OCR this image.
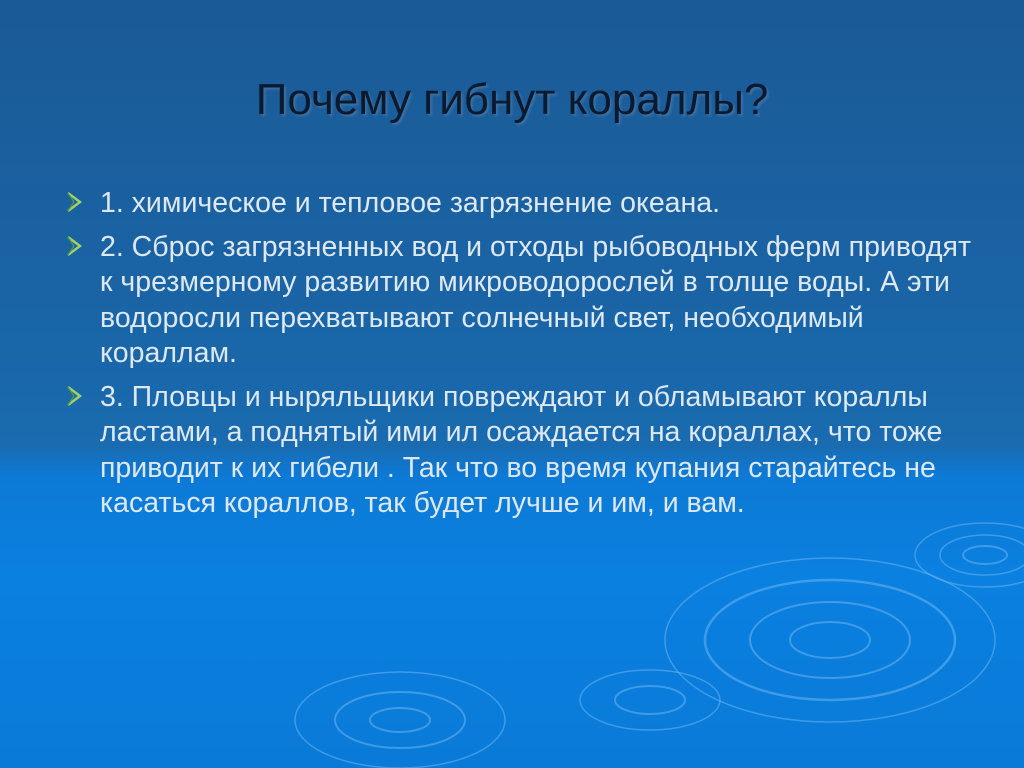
Почему гибнут кораллы?
1. химическое и тепловое загрязнение океана.
2. Сброс загрязненных вод и отходы рыбоводных ферм приводят к чрезмерному развитию микроводорослей в толще воды. А эти водоросли перехватывают солнечный свет, необходимый кораллам.
3. Пловцы и ныряльщики повреждают и обламывают кораллы ластами, а поднятый ими ил осаждается на кораллах, что тоже приводит к их гибели . Так что во время купания старайтесь не касаться кораллов, так будет лучше и им, и вам.
